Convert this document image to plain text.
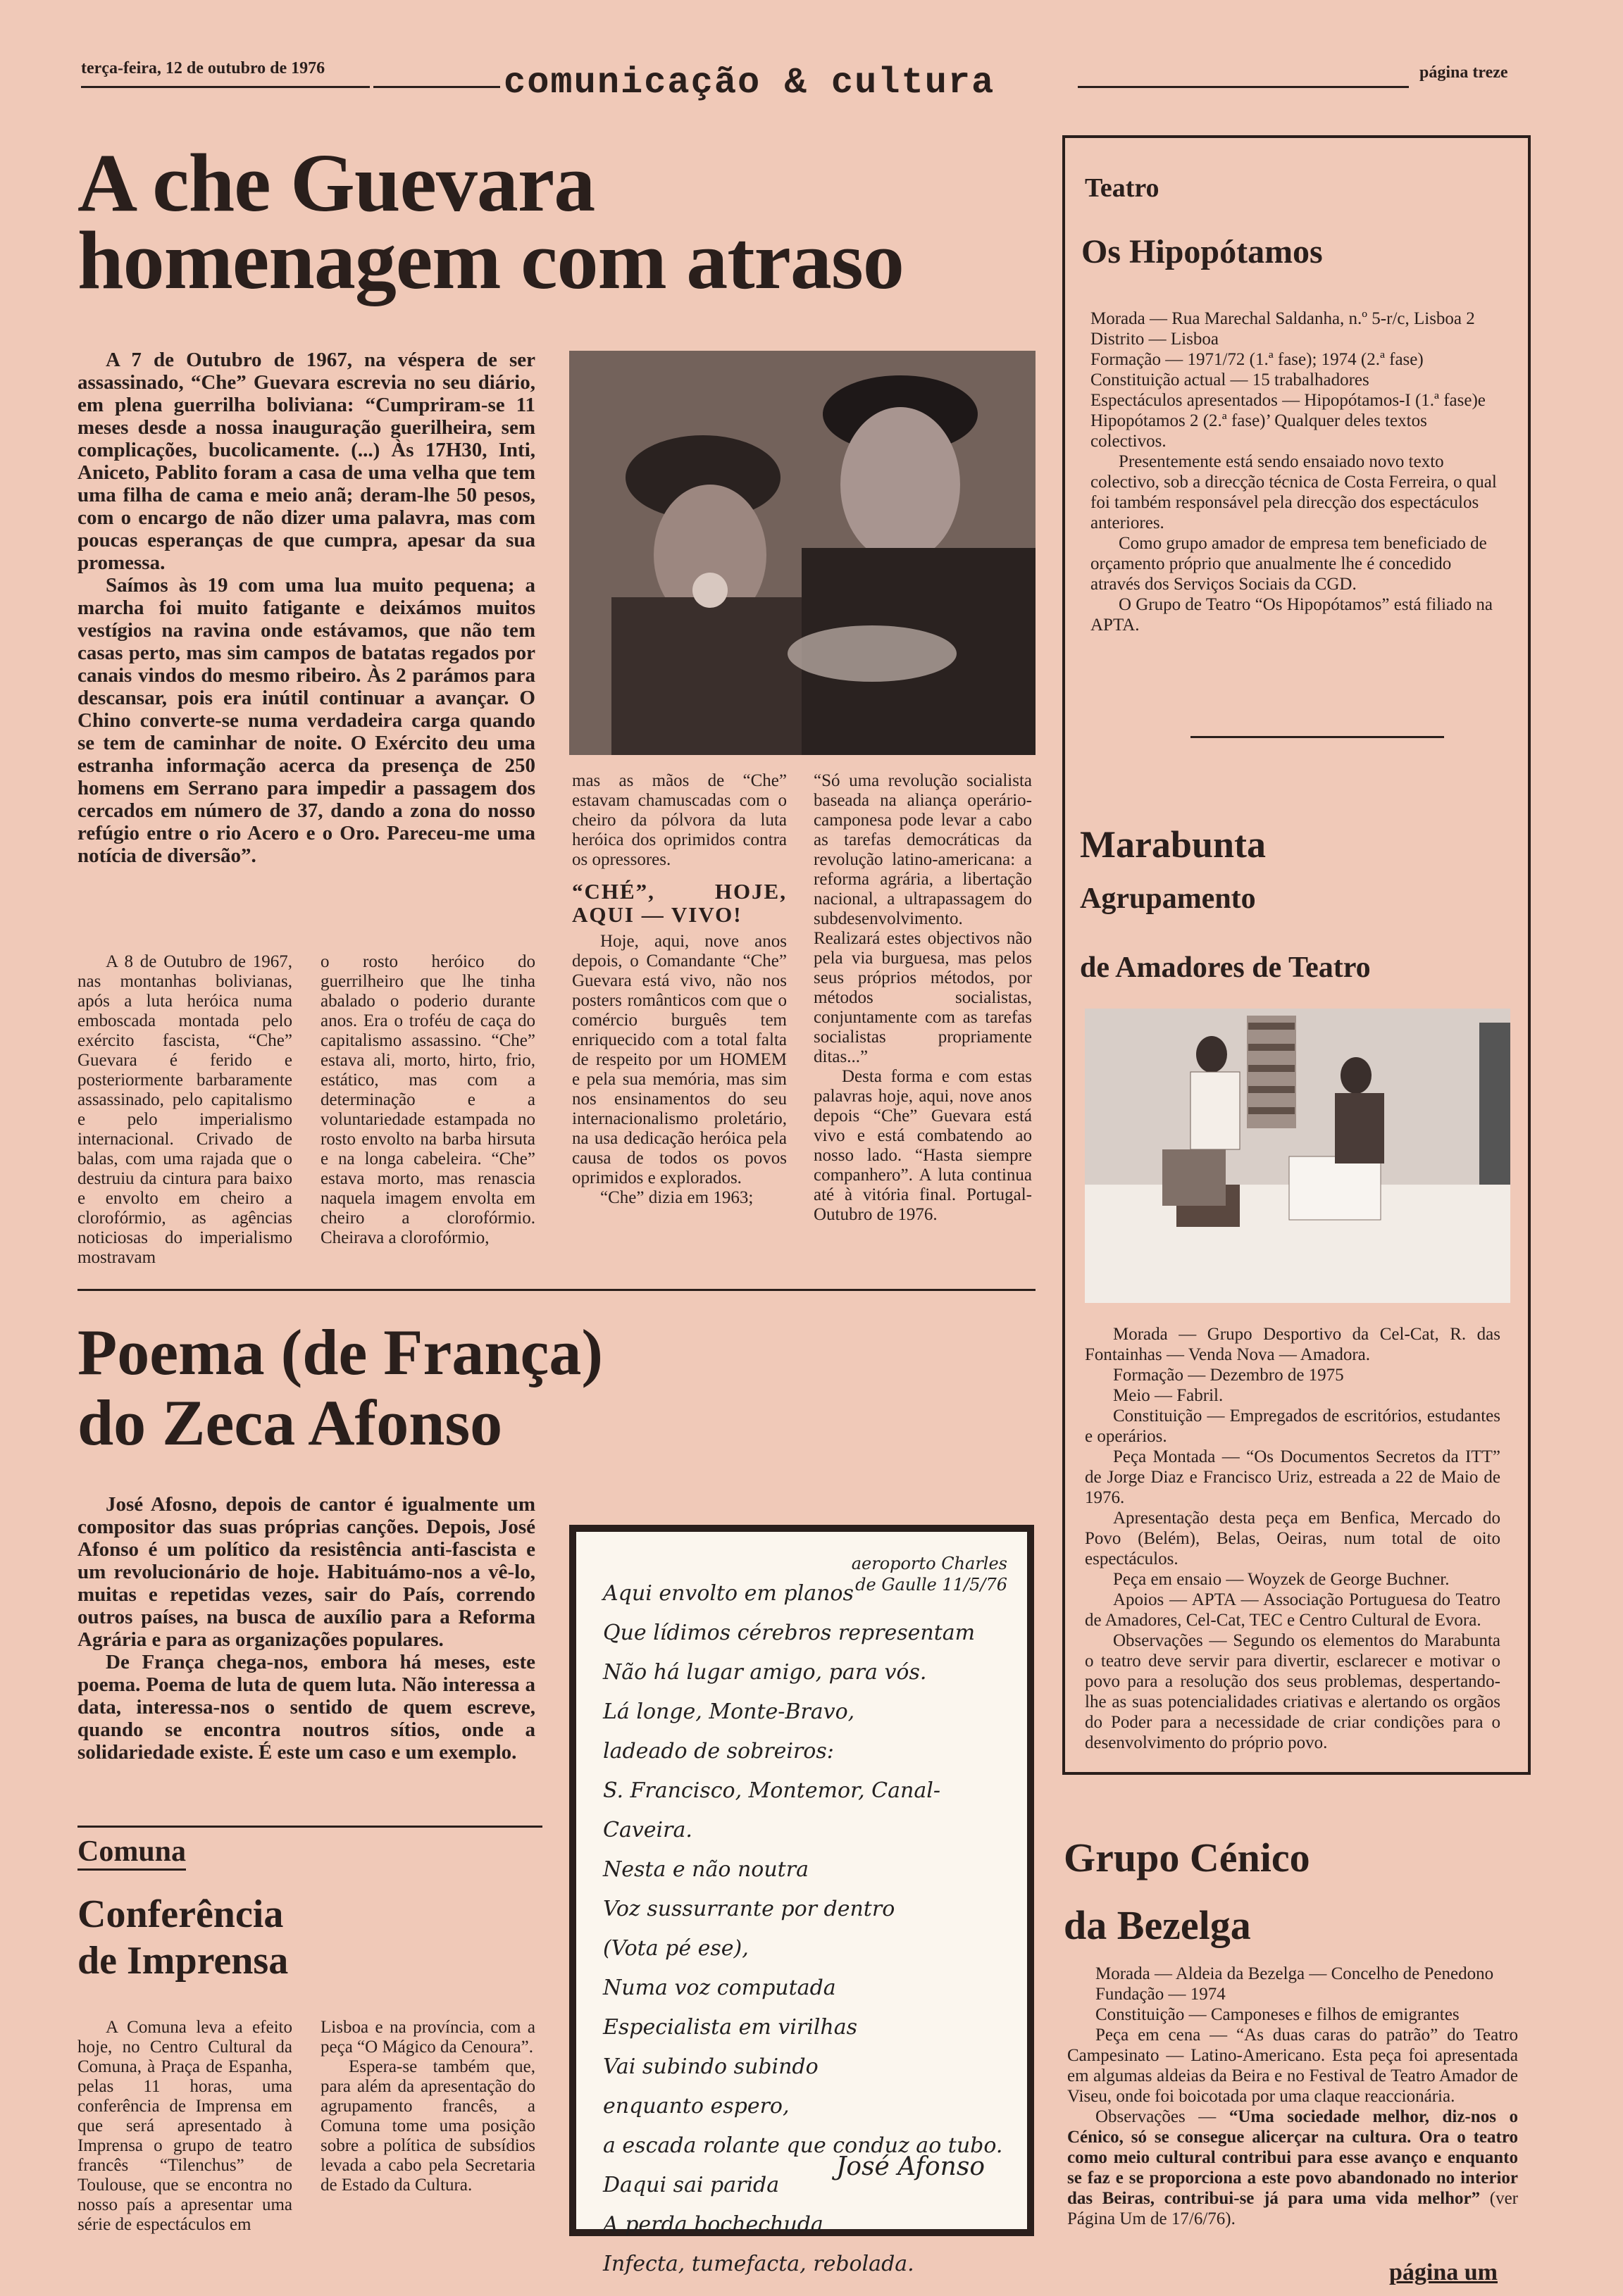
terça-feira, 12 de outubro de 1976	comunicação & cultura	página treze
A che Guevara
homenagem com atraso

A 7 de Outubro de 1967, na véspera de ser assassinado, “Che” Guevara escrevia no seu diário, em plena guerrilha boliviana: “Cumpriram-se 11 meses desde a nossa inauguração guerilheira, sem complicações, bucolicamente. (...) Às 17H30, Inti, Aniceto, Pablito foram a casa de uma velha que tem uma filha de cama e meio anã; deram-lhe 50 pesos, com o encargo de não dizer uma palavra, mas com poucas esperanças de que cumpra, apesar da sua promessa.

Saímos às 19 com uma lua muito pequena; a marcha foi muito fatigante e deixámos muitos vestígios na ravina onde estávamos, que não tem casas perto, mas sim campos de batatas regados por canais vindos do mesmo ribeiro. Às 2 parámos para descansar, pois era inútil continuar a avançar. O Chino converte-se numa verdadeira carga quando se tem de caminhar de noite. O Exército deu uma estranha informação acerca da presença de 250 homens em Serrano para impedir a passagem dos cercados em número de 37, dando a zona do nosso refúgio entre o rio Acero e o Oro. Pareceu-me uma notícia de diversão”.

A 8 de Outubro de 1967, nas montanhas bolivianas, após a luta heróica numa emboscada montada pelo exército fascista, “Che” Guevara é ferido e posteriormente barbaramente assassinado, pelo capitalismo e pelo imperialismo internacional. Crivado de balas, com uma rajada que o destruiu da cintura para baixo e envolto em cheiro a clorofórmio, as agências noticiosas do imperialismo mostravam

o rosto heróico do guerrilheiro que lhe tinha abalado o poderio durante anos. Era o troféu de caça do capitalismo assassino. “Che” estava ali, morto, hirto, frio, estático, mas com a determinação e a voluntariedade estampada no rosto envolto na barba hirsuta e na longa cabeleira. “Che” estava morto, mas renascia naquela imagem envolta em cheiro a clorofórmio. Cheirava a clorofórmio,

mas as mãos de “Che” estavam chamuscadas com o cheiro da pólvora da luta heróica dos oprimidos contra os opressores.

“CHÉ”, HOJE, AQUI — VIVO!

Hoje, aqui, nove anos depois, o Comandante “Che” Guevara está vivo, não nos posters românticos com que o comércio burguês tem enriquecido com a total falta de respeito por um HOMEM e pela sua memória, mas sim nos ensinamentos do seu internacionalismo proletário, na usa dedicação heróica pela causa de todos os povos oprimidos e explorados.

“Che” dizia em 1963;

“Só uma revolução socialista baseada na aliança operário-camponesa pode levar a cabo as tarefas democráticas da revolução latino-americana: a reforma agrária, a libertação nacional, a ultrapassagem do subdesenvolvimento. Realizará estes objectivos não pela via burguesa, mas pelos seus próprios métodos, por métodos socialistas, conjuntamente com as tarefas socialistas propriamente ditas...”

Desta forma e com estas palavras hoje, aqui, nove anos depois “Che” Guevara está vivo e está combatendo ao nosso lado. “Hasta siempre companhero”. A luta continua até à vitória final. Portugal-Outubro de 1976.

Teatro
Os Hipopótamos
Morada — Rua Marechal Saldanha, n.º 5-r/c, Lisboa 2
Distrito — Lisboa
Formação — 1971/72 (1.ª fase); 1974 (2.ª fase)
Constituição actual — 15 trabalhadores
Espectáculos apresentados — Hipopótamos-I (1.ª fase)e Hipopótamos 2 (2.ª fase)’ Qualquer deles textos colectivos.

Presentemente está sendo ensaiado novo texto colectivo, sob a direcção técnica de Costa Ferreira, o qual foi também responsável pela direcção dos espectáculos anteriores.

Como grupo amador de empresa tem beneficiado de orçamento próprio que anualmente lhe é concedido através dos Serviços Sociais da CGD.

O Grupo de Teatro “Os Hipopótamos” está filiado na APTA.

Marabunta
Agrupamento
de Amadores de Teatro

Morada — Grupo Desportivo da Cel-Cat, R. das Fontainhas — Venda Nova — Amadora.

Formação — Dezembro de 1975

Meio — Fabril.

Constituição — Empregados de escritórios, estudantes e operários.

Peça Montada — “Os Documentos Secretos da ITT” de Jorge Diaz e Francisco Uriz, estreada a 22 de Maio de 1976.

Apresentação desta peça em Benfica, Mercado do Povo (Belém), Belas, Oeiras, num total de oito espectáculos.

Peça em ensaio — Woyzek de George Buchner.

Apoios — APTA — Associação Portuguesa do Teatro de Amadores, Cel-Cat, TEC e Centro Cultural de Evora.

Observações — Segundo os elementos do Marabunta o teatro deve servir para divertir, esclarecer e motivar o povo para a resolução dos seus problemas, despertando-lhe as suas potencialidades criativas e alertando os orgãos do Poder para a necessidade de criar condições para o desenvolvimento do próprio povo.

Poema (de França)
do Zeca Afonso

José Afosno, depois de cantor é igualmente um compositor das suas próprias canções. Depois, José Afonso é um político da resistência anti-fascista e um revolucionário de hoje. Habituámo-nos a vê-lo, muitas e repetidas vezes, sair do País, correndo outros países, na busca de auxílio para a Reforma Agrária e para as organizações populares.

De França chega-nos, embora há meses, este poema. Poema de luta de quem luta. Não interessa a data, interessa-nos o sentido de quem escreve, quando se encontra noutros sítios, onde a solidariedade existe. É este um caso e um exemplo.

aeroporto Charles de Gaulle 11/5/76
Aqui envolto em planos
Que lídimos cérebros representam
Não há lugar amigo, para vós.
Lá longe, Monte-Bravo,
ladeado de sobreiros:
S. Francisco, Montemor, Canal-Caveira.
Nesta e não noutra
Voz sussurrante por dentro
(Vota pé ese),
Numa voz computada
Especialista em virilhas
Vai subindo subindo
enquanto espero,
a escada rolante que conduz ao tubo.
Daqui sai parida
A perda bochechuda
Infecta, tumefacta, rebolada.
José Afonso
Comuna
Conferência
de Imprensa

A Comuna leva a efeito hoje, no Centro Cultural da Comuna, à Praça de Espanha, pelas 11 horas, uma conferência de Imprensa em que será apresentado à Imprensa o grupo de teatro francês “Tilenchus” de Toulouse, que se encontra no nosso país a apresentar uma série de espectáculos em

Lisboa e na província, com a peça “O Mágico da Cenoura”.

Espera-se também que, para além da apresentação do agrupamento francês, a Comuna tome uma posição sobre a política de subsídios levada a cabo pela Secretaria de Estado da Cultura.

Grupo Cénico
da Bezelga

Morada — Aldeia da Bezelga — Concelho de Penedono

Fundação — 1974

Constituição — Camponeses e filhos de emigrantes

Peça em cena — “As duas caras do patrão” do Teatro Campesinato — Latino-Americano. Esta peça foi apresentada em algumas aldeias da Beira e no Festival de Teatro Amador de Viseu, onde foi boicotada por uma claque reaccionária.

Observações — “Uma sociedade melhor, diz-nos o Cénico, só se consegue alicerçar na cultura. Ora o teatro como meio cultural contribui para esse avanço e enquanto se faz e se proporciona a este povo abandonado no interior das Beiras, contribui-se já para uma vida melhor” (ver Página Um de 17/6/76).

página um
